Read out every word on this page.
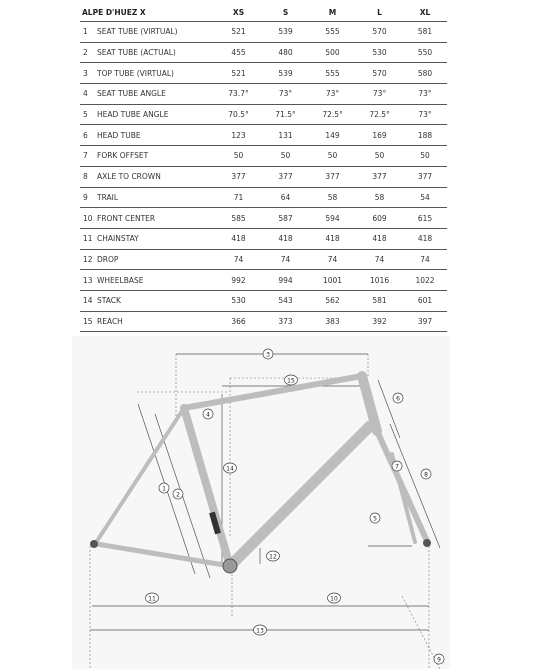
ALPE D'HUEZ X		XS	S	M	L	XL
1	SEAT TUBE (VIRTUAL)	521	539	555	570	581
2	SEAT TUBE (ACTUAL)	455	480	500	530	550
3	TOP TUBE (VIRTUAL)	521	539	555	570	580
4	SEAT TUBE ANGLE	73.7°	73°	73°	73°	73°
5	HEAD TUBE ANGLE	70.5°	71.5°	72.5°	72.5°	73°
6	HEAD TUBE	123	131	149	169	188
7	FORK OFFSET	50	50	50	50	50
8	AXLE TO CROWN	377	377	377	377	377
9	TRAIL	71	64	58	58	54
10	FRONT CENTER	585	587	594	609	615
11	CHAINSTAY	418	418	418	418	418
12	DROP	74	74	74	74	74
13	WHEELBASE	992	994	1001	1016	1022
14	STACK	530	543	562	581	601
15	REACH	366	373	383	392	397
1
2
3
4
5
6
7
8
9
10
11
12
13
14
15
